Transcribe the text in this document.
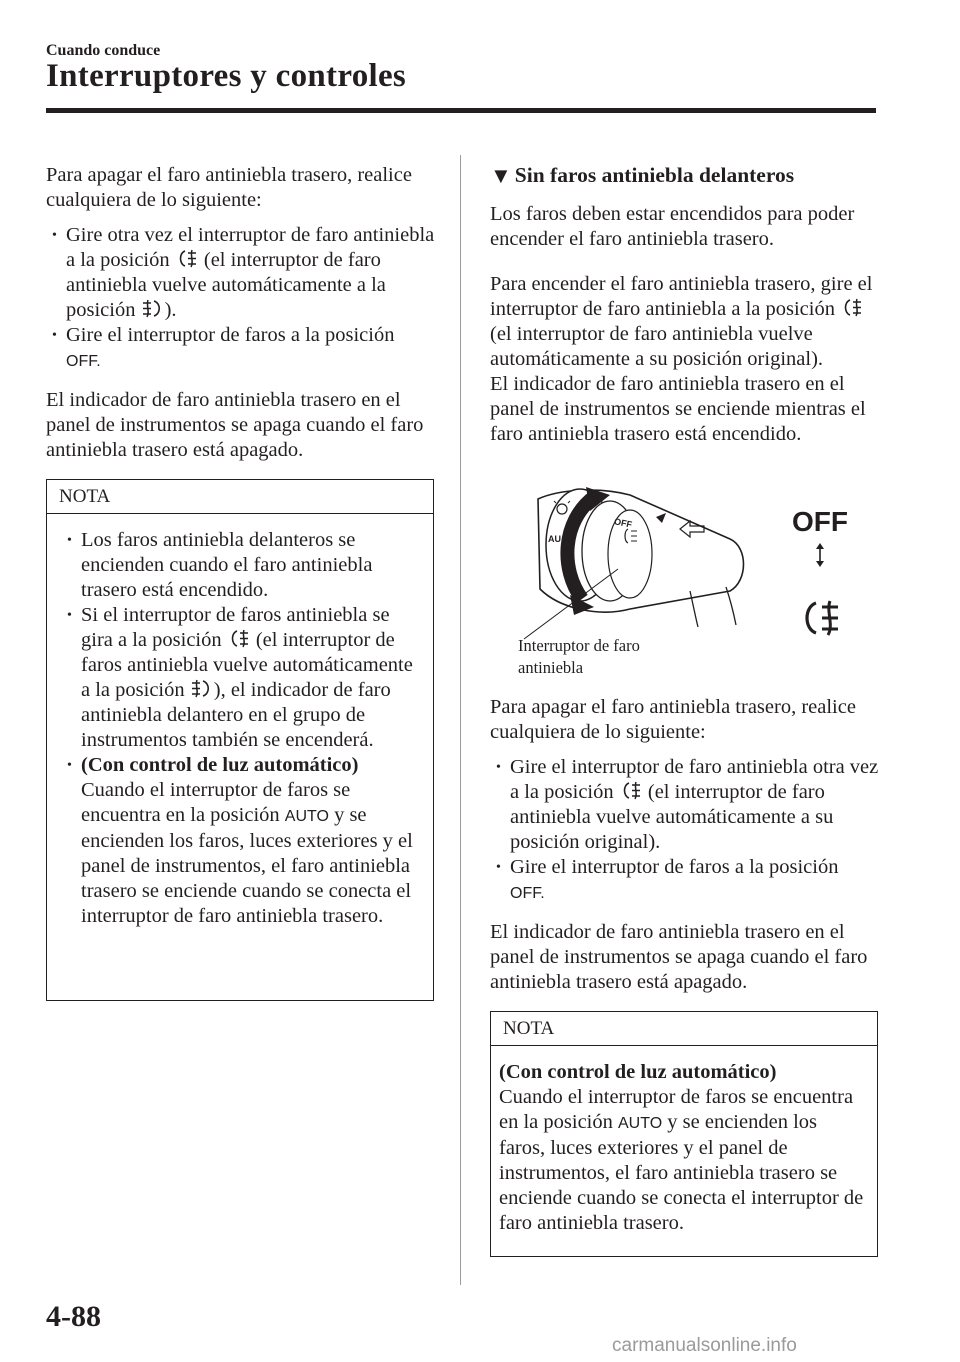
Cuando conduce
Interruptores y controles

Para apagar el faro antiniebla trasero, realice cualquiera de lo siguiente:

• Gire otra vez el interruptor de faro antiniebla a la posición (el interruptor de faro antiniebla vuelve automáticamente a la posición ).

• Gire el interruptor de faros a la posición
OFF.

El indicador de faro antiniebla trasero en el panel de instrumentos se apaga cuando el faro antiniebla trasero está apagado.

NOTA

• Los faros antiniebla delanteros se encienden cuando el faro antiniebla trasero está encendido.

• Si el interruptor de faros antiniebla se gira a la posición (el interruptor de faros antiniebla vuelve automáticamente a la posición ), el indicador de faro antiniebla delantero en el grupo de instrumentos también se encenderá.

• (Con control de luz automático)
Cuando el interruptor de faros se encuentra en la posición AUTO y se encienden los faros, luces exteriores y el panel de instrumentos, el faro antiniebla trasero se enciende cuando se conecta el interruptor de faro antiniebla trasero.

▼ Sin faros antiniebla delanteros

Los faros deben estar encendidos para poder encender el faro antiniebla trasero.

Para encender el faro antiniebla trasero, gire el interruptor de faro antiniebla a la posición  (el interruptor de faro antiniebla vuelve automáticamente a su posición original).

El indicador de faro antiniebla trasero en el panel de instrumentos se enciende mientras el faro antiniebla trasero está encendido.

OFF
OFF
AU
Interruptor de faro antiniebla

Para apagar el faro antiniebla trasero, realice cualquiera de lo siguiente:

• Gire el interruptor de faro antiniebla otra vez a la posición (el interruptor de faro antiniebla vuelve automáticamente a su posición original).

• Gire el interruptor de faros a la posición
OFF.

El indicador de faro antiniebla trasero en el panel de instrumentos se apaga cuando el faro antiniebla trasero está apagado.

NOTA

(Con control de luz automático)
Cuando el interruptor de faros se encuentra en la posición AUTO y se encienden los faros, luces exteriores y el panel de instrumentos, el faro antiniebla trasero se enciende cuando se conecta el interruptor de faro antiniebla trasero.

4-88
carmanualsonline.info
